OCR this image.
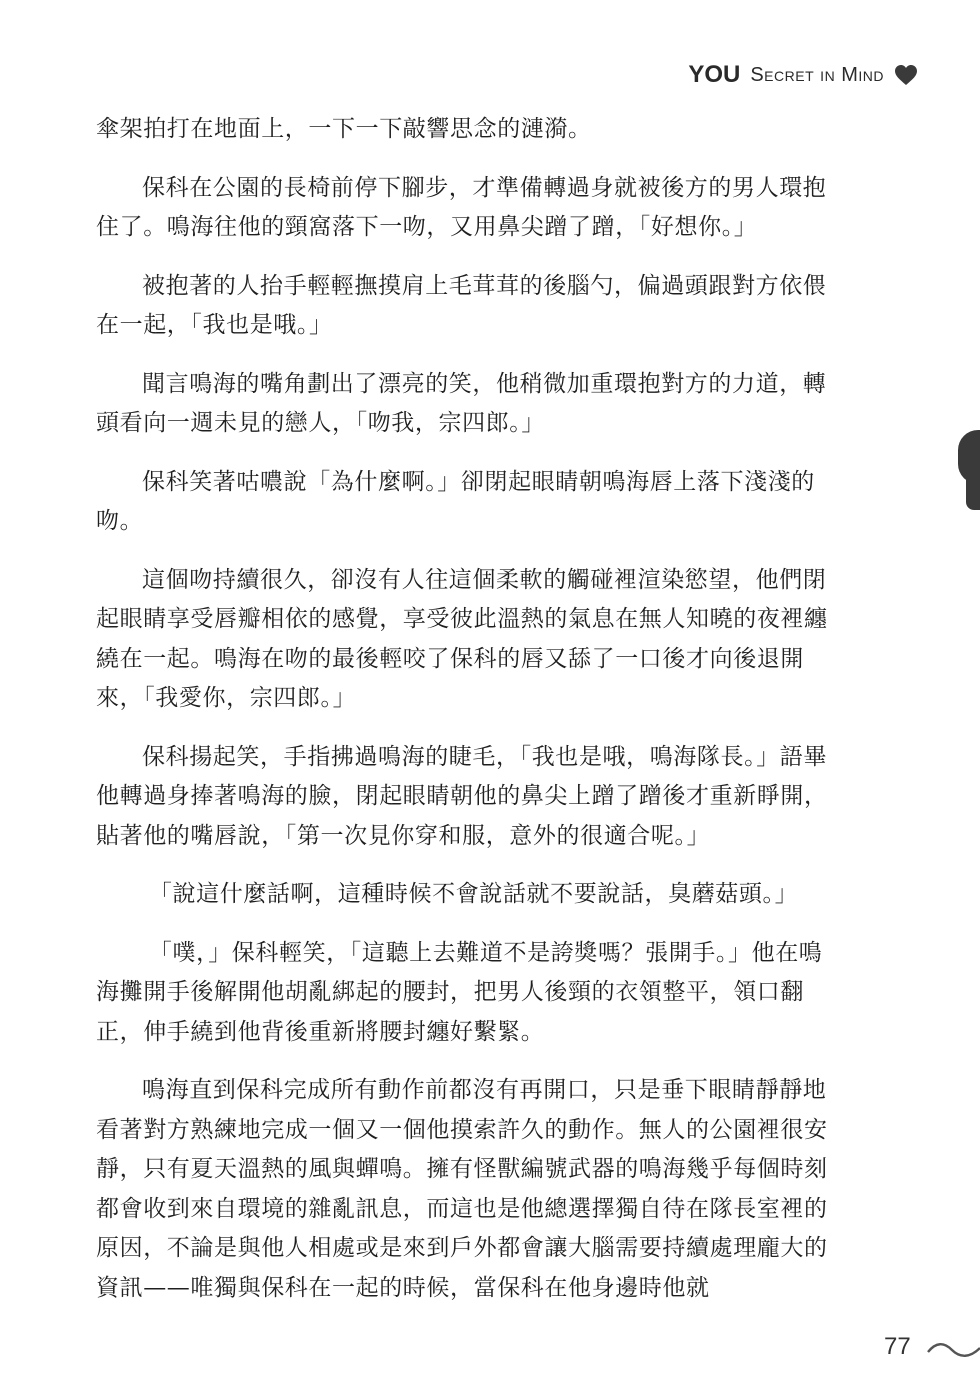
YOU Secret in Mind

傘架拍打在地面上，一下一下敲響思念的漣漪。

保科在公園的長椅前停下腳步，才準備轉過身就被後方的男人環抱住了。鳴海往他的頸窩落下一吻，又用鼻尖蹭了蹭，「好想你。」

被抱著的人抬手輕輕撫摸肩上毛茸茸的後腦勺，偏過頭跟對方依偎在一起，「我也是哦。」

聞言鳴海的嘴角劃出了漂亮的笑，他稍微加重環抱對方的力道，轉頭看向一週未見的戀人，「吻我，宗四郎。」

保科笑著咕噥說「為什麼啊。」卻閉起眼睛朝鳴海唇上落下淺淺的吻。

這個吻持續很久，卻沒有人往這個柔軟的觸碰裡渲染慾望，他們閉起眼睛享受唇瓣相依的感覺，享受彼此溫熱的氣息在無人知曉的夜裡纏繞在一起。鳴海在吻的最後輕咬了保科的唇又舔了一口後才向後退開來，「我愛你，宗四郎。」

保科揚起笑，手指拂過鳴海的睫毛，「我也是哦，鳴海隊長。」語畢他轉過身捧著鳴海的臉，閉起眼睛朝他的鼻尖上蹭了蹭後才重新睜開，貼著他的嘴唇說，「第一次見你穿和服，意外的很適合呢。」

「說這什麼話啊，這種時候不會說話就不要說話，臭蘑菇頭。」

「噗，」保科輕笑，「這聽上去難道不是誇獎嗎？張開手。」他在鳴海攤開手後解開他胡亂綁起的腰封，把男人後頸的衣領整平，領口翻正，伸手繞到他背後重新將腰封纏好繫緊。

鳴海直到保科完成所有動作前都沒有再開口，只是垂下眼睛靜靜地看著對方熟練地完成一個又一個他摸索許久的動作。無人的公園裡很安靜，只有夏天溫熱的風與蟬鳴。擁有怪獸編號武器的鳴海幾乎每個時刻都會收到來自環境的雜亂訊息，而這也是他總選擇獨自待在隊長室裡的原因，不論是與他人相處或是來到戶外都會讓大腦需要持續處理龐大的資訊——唯獨與保科在一起的時候，當保科在他身邊時他就

77
